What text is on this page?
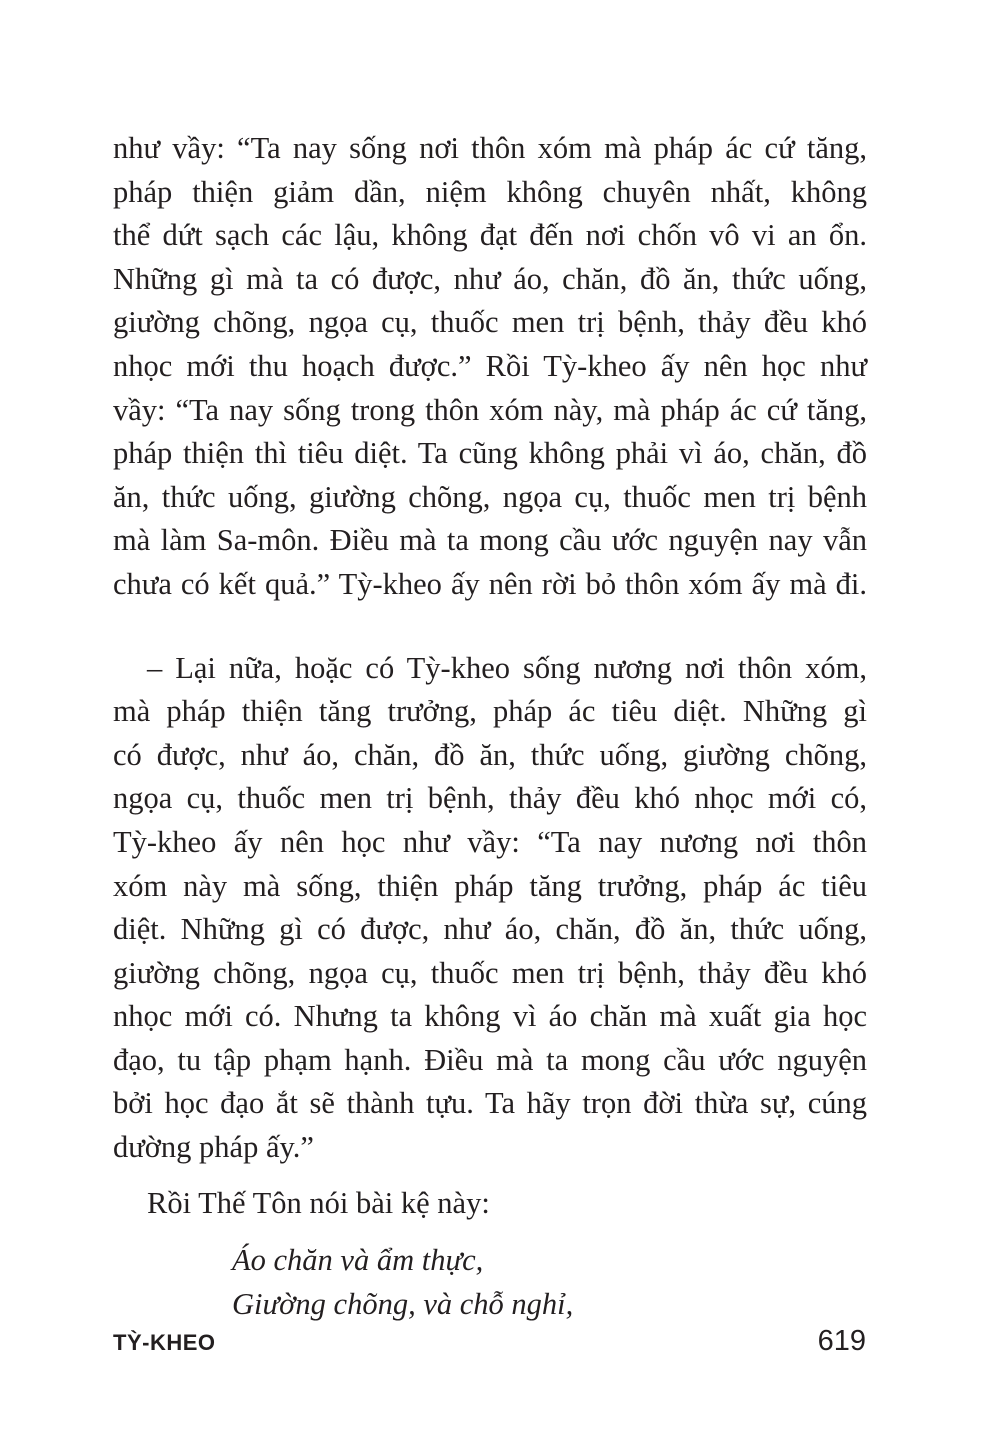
như vầy: “Ta nay sống nơi thôn xóm mà pháp ác cứ tăng,
pháp thiện giảm dần, niệm không chuyên nhất, không
thể dứt sạch các lậu, không đạt đến nơi chốn vô vi an ổn.
Những gì mà ta có được, như áo, chăn, đồ ăn, thức uống,
giường chõng, ngọa cụ, thuốc men trị bệnh, thảy đều khó
nhọc mới thu hoạch được.” Rồi Tỳ-kheo ấy nên học như
vầy: “Ta nay sống trong thôn xóm này, mà pháp ác cứ tăng,
pháp thiện thì tiêu diệt. Ta cũng không phải vì áo, chăn, đồ
ăn, thức uống, giường chõng, ngọa cụ, thuốc men trị bệnh
mà làm Sa-môn. Điều mà ta mong cầu ước nguyện nay vẫn
chưa có kết quả.” Tỳ-kheo ấy nên rời bỏ thôn xóm ấy mà đi.
– Lại nữa, hoặc có Tỳ-kheo sống nương nơi thôn xóm,
mà pháp thiện tăng trưởng, pháp ác tiêu diệt. Những gì
có được, như áo, chăn, đồ ăn, thức uống, giường chõng,
ngọa cụ, thuốc men trị bệnh, thảy đều khó nhọc mới có,
Tỳ-kheo ấy nên học như vầy: “Ta nay nương nơi thôn
xóm này mà sống, thiện pháp tăng trưởng, pháp ác tiêu
diệt. Những gì có được, như áo, chăn, đồ ăn, thức uống,
giường chõng, ngọa cụ, thuốc men trị bệnh, thảy đều khó
nhọc mới có. Nhưng ta không vì áo chăn mà xuất gia học
đạo, tu tập phạm hạnh. Điều mà ta mong cầu ước nguyện
bởi học đạo ắt sẽ thành tựu. Ta hãy trọn đời thừa sự, cúng
dường pháp ấy.”
Rồi Thế Tôn nói bài kệ này:
Áo chăn và ẩm thực,
Giường chõng, và chỗ nghỉ,
TỲ-KHEO	619
